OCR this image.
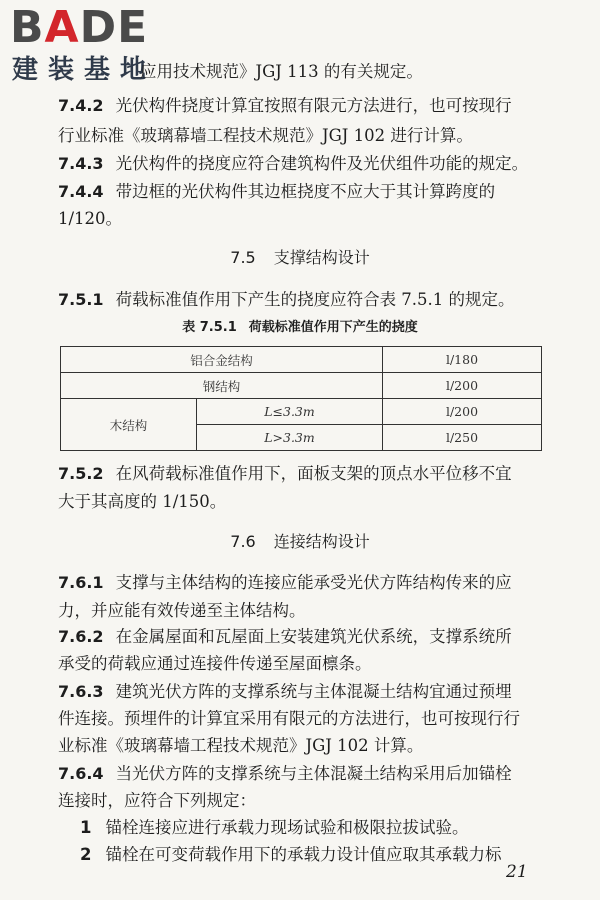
BADE
建装基地
应用技术规范》JGJ 113 的有关规定。
7.4.2 光伏构件挠度计算宜按照有限元方法进行，也可按现行
行业标准《玻璃幕墙工程技术规范》JGJ 102 进行计算。
7.4.3 光伏构件的挠度应符合建筑构件及光伏组件功能的规定。
7.4.4 带边框的光伏构件其边框挠度不应大于其计算跨度的
1/120。
7.5 支撑结构设计
7.5.1 荷载标准值作用下产生的挠度应符合表 7.5.1 的规定。
表 7.5.1 荷载标准值作用下产生的挠度
铝合金结构		l/180
钢结构		l/200
木结构	L≤3.3m	l/200
	L>3.3m	l/250
7.5.2 在风荷载标准值作用下，面板支架的顶点水平位移不宜
大于其高度的 1/150。
7.6 连接结构设计
7.6.1 支撑与主体结构的连接应能承受光伏方阵结构传来的应
力，并应能有效传递至主体结构。
7.6.2 在金属屋面和瓦屋面上安装建筑光伏系统，支撑系统所
承受的荷载应通过连接件传递至屋面檩条。
7.6.3 建筑光伏方阵的支撑系统与主体混凝土结构宜通过预埋
件连接。预埋件的计算宜采用有限元的方法进行，也可按现行行
业标准《玻璃幕墙工程技术规范》JGJ 102 计算。
7.6.4 当光伏方阵的支撑系统与主体混凝土结构采用后加锚栓
连接时，应符合下列规定：
1 锚栓连接应进行承载力现场试验和极限拉拔试验。
2 锚栓在可变荷载作用下的承载力设计值应取其承载力标
21
